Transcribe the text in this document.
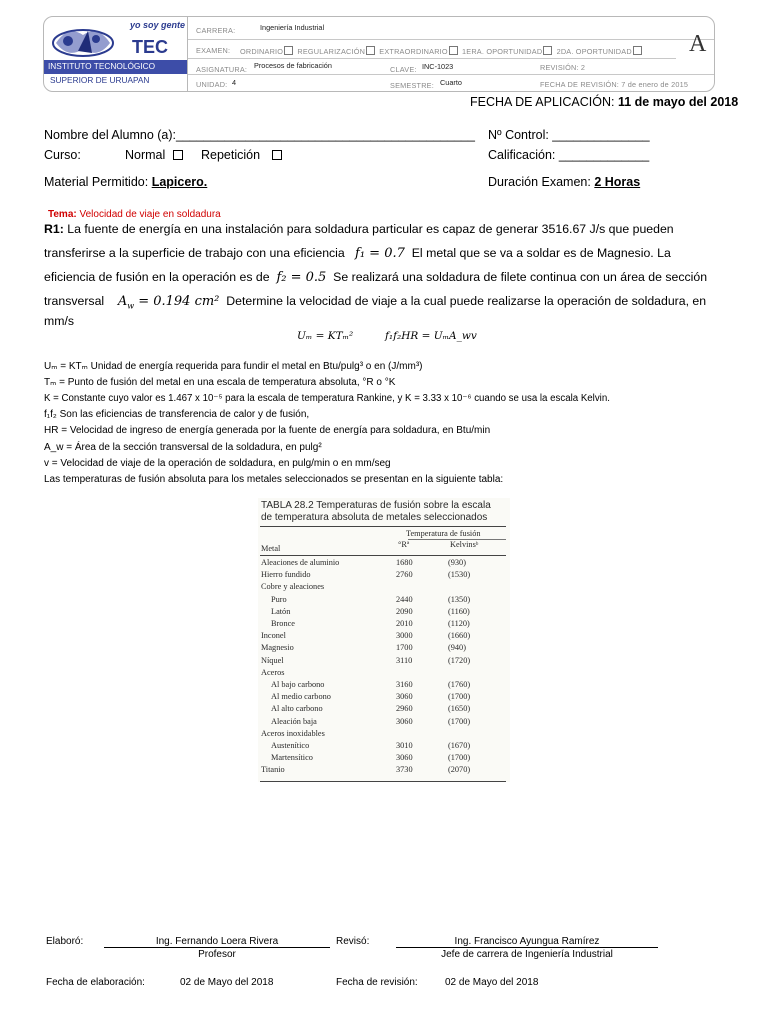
yo soy gente
TEC
INSTITUTO TECNOLÓGICO
SUPERIOR DE URUAPAN
CARRERA:	Ingeniería Industrial
EXAMEN: ORDINARIO REGULARIZACIÓN EXTRAORDINARIO 1ERA. OPORTUNIDAD 2DA. OPORTUNIDAD	A
ASIGNATURA: Procesos de fabricación	CLAVE: INC-1023	REVISIÓN: 2
UNIDAD: 4	SEMESTRE: Cuarto	FECHA DE REVISIÓN: 7 de enero de 2015
FECHA DE APLICACIÓN: 11 de mayo del 2018
Nombre del Alumno (a):___________________________________________ Nº Control: ______________
Curso:	Normal	Repetición	Calificación: _____________
Material Permitido: Lapicero.	Duración Examen: 2 Horas
Tema: Velocidad de viaje en soldadura
R1: La fuente de energía en una instalación para soldadura particular es capaz de generar 3516.67 J/s que pueden
transferirse a la superficie de trabajo con una eficiencia f₁ = 0.7 El metal que se va a soldar es de Magnesio. La
eficiencia de fusión en la operación es de f₂ = 0.5 Se realizará una soldadura de filete continua con un área de sección
transversal $A_w = 0.194$ cm² Determine la velocidad de viaje a la cual puede realizarse la operación de soldadura, en
mm/s
Uₘ = KTₘ²	f₁f₂HR = UₘA_wv
Uₘ = KTₘ Unidad de energía requerida para fundir el metal en Btu/pulg³ o en (J/mm³)
Tₘ = Punto de fusión del metal en una escala de temperatura absoluta, °R o °K
K = Constante cuyo valor es 1.467 x 10⁻⁵ para la escala de temperatura Rankine, y K = 3.33 x 10⁻⁶ cuando se usa la escala Kelvin.
f₁f₂ Son las eficiencias de transferencia de calor y de fusión,
HR = Velocidad de ingreso de energía generada por la fuente de energía para soldadura, en Btu/min
A_w = Área de la sección transversal de la soldadura, en pulg²
v = Velocidad de viaje de la operación de soldadura, en pulg/min o en mm/seg
Las temperaturas de fusión absoluta para los metales seleccionados se presentan en la siguiente tabla:
TABLA 28.2 Temperaturas de fusión sobre la escala
de temperatura absoluta de metales seleccionados
Temperatura de fusión
Metal	°Rª	Kelvinsᵇ
Aleaciones de aluminio	1680	(930)
Hierro fundido	2760	(1530)
Cobre y aleaciones
Puro	2440	(1350)
Latón	2090	(1160)
Bronce	2010	(1120)
Inconel	3000	(1660)
Magnesio	1700	(940)
Níquel	3110	(1720)
Aceros
Al bajo carbono	3160	(1760)
Al medio carbono	3060	(1700)
Al alto carbono	2960	(1650)
Aleación baja	3060	(1700)
Aceros inoxidables
Austenítico	3010	(1670)
Martensítico	3060	(1700)
Titanio	3730	(2070)
Elaboró:	Ing. Fernando Loera Rivera
Profesor
Revisó:	Ing. Francisco Ayungua Ramírez
Jefe de carrera de Ingeniería Industrial
Fecha de elaboración:	02 de Mayo del 2018	Fecha de revisión:	02 de Mayo del 2018
